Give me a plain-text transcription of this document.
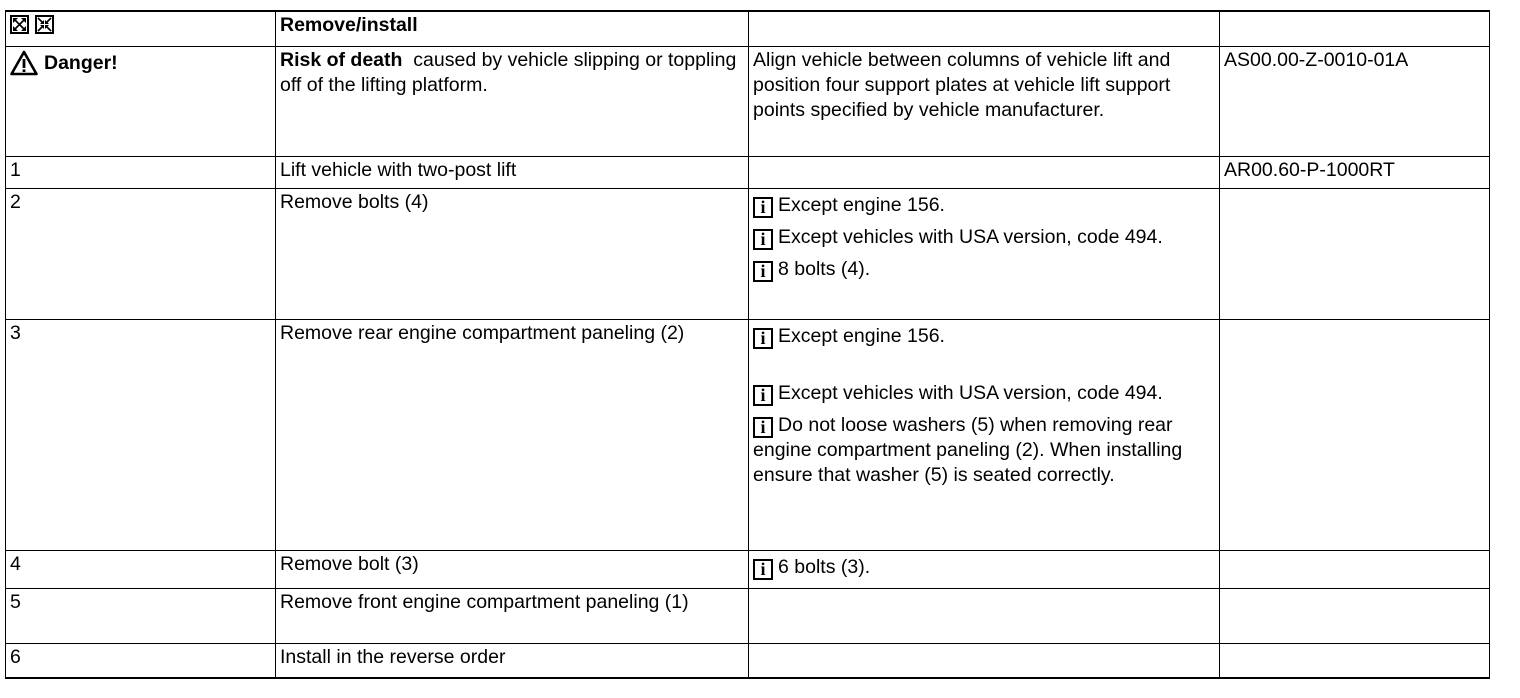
	Remove/install		

Danger!	Risk of death caused by vehicle slipping or toppling off of the lifting platform.	Align vehicle between columns of vehicle lift and position four support plates at vehicle lift support points specified by vehicle manufacturer.	AS00.00-Z-0010-01A
1	Lift vehicle with two-post lift		AR00.60-P-1000RT
2	Remove bolts (4)	i Except engine 156.
i Except vehicles with USA version, code 494.
i 8 bolts (4).	

3	Remove rear engine compartment paneling (2)	i Except engine 156.
i Except vehicles with USA version, code 494.
i Do not loose washers (5) when removing rear engine compartment paneling (2). When installing ensure that washer (5) is seated correctly.	

4	Remove bolt (3)	i 6 bolts (3).	

5	Remove front engine compartment paneling (1)		
6	Install in the reverse order		
